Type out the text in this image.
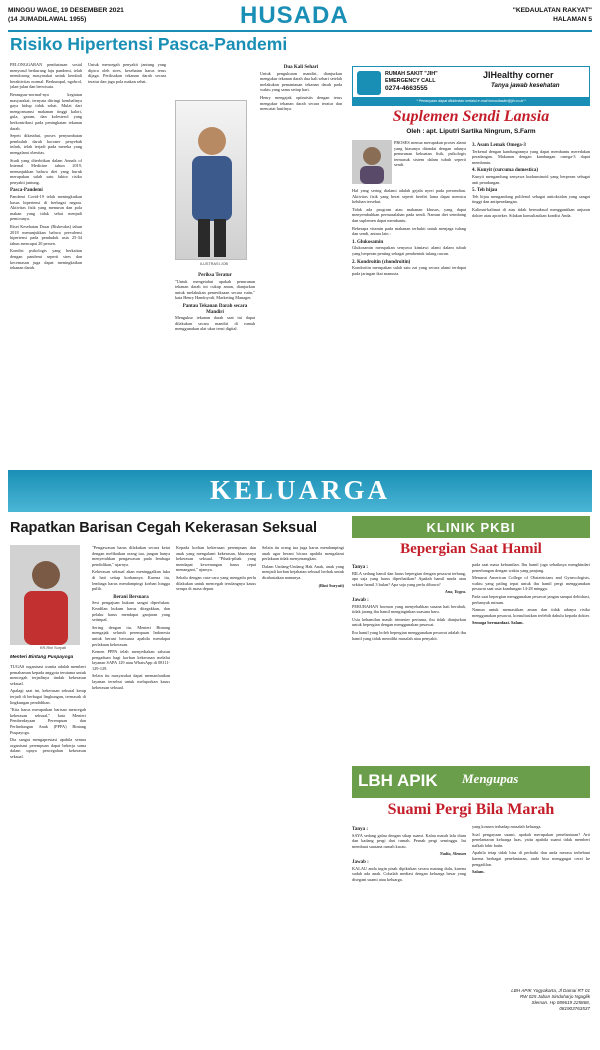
MINGGU WAGE, 19 DESEMBER 2021
(14 JUMADILAWAL 1955)	HUSADA	"KEDAULATAN RAKYAT"
HALAMAN 5
Risiko Hipertensi Pasca-Pandemi

PELONGGARAN pembatasan sosial menyusul berkurang laju pandemi, telah mendorong masyarakat untuk kembali beraktivitas normal. Berkumpul, ngobrol, jalan-jalan dan berwisata.

Berangsur-normal-nya kegiatan masyarakat, ternyata diiringi kembalinya gaya hidup tidak sehat. Mulai dari mengonsumsi makanan tinggi kalori, gula, garam, dan kolesterol yang berkontribusi pada peningkatan tekanan darah.

Sepeti diketahui, proses penyumbatan pembuluh darah koroner penyebab infark, telah terjadi pada mereka yang mengalami obesitas.

Studi yang diterbitkan dalam Annals of Internal Medicine tahun 2019, menunjukkan bahwa diet yang buruk merupakan salah satu faktor risiko penyakit jantung.

Pasca-Pandemi

Pandemi Covid-19 telah meningkatkan kasus hipertensi di berbagai negara. Aktivitas fisik yang menurun dan pola makan yang tidak sehat menjadi pemicunya.

Riset Kesehatan Dasar (Riskesdas) tahun 2018 menunjukkan bahwa prevalensi hipertensi pada penduduk usia 25-34 tahun mencapai 20 persen.

Kondisi psikologis yang berkaitan dengan pandemi seperti stres dan kecemasan juga dapat meningkatkan tekanan darah.

Untuk mencegah penyakit jantung yang dipicu oleh stres, kesehatan harus terus dijaga. Periksakan tekanan darah secara teratur dan jaga pola makan sehat.

ILUSTRASI JOB

Periksa Teratur

"Untuk mengetahui apakah penurunan tekanan darah ini cukup aman, dianjurkan untuk melakukan pemeriksaan secara rutin," kata Henry Handoyodi, Marketing Manager.

Pantau Tekanan Darah secara Mandiri

Mengukur tekanan darah saat ini dapat dilakukan secara mandiri di rumah menggunakan alat ukur tensi digital.

Dua Kali Sehari

Untuk pengukuran mandiri, dianjurkan mengukur tekanan darah dua kali sehari setelah melakukan pemantauan tekanan darah pada waktu yang sama setiap hari.

Henry mengajak optimistis dengan terus mengukur tekanan darah secara teratur dan mencatat hasilnya.

RUMAH SAKIT "JIH"
EMERGENCY CALL
0274-4663555
JIHealthy corner
Tanya jawab kesehatan
* Pertanyaan dapat dikirimkan melalui e-mail konsultasikr@jih.co.id *
Suplemen Sendi Lansia
Oleh : apt. Liputri Sartika Ningrum, S.Farm

PROSES menua merupakan proses alami yang biasanya ditandai dengan adanya penurunan kekuatan fisik, psikologis termasuk sistem dalam tubuh seperti sendi.

Hal yang sering dialami adalah gejala nyeri pada persendian. Aktivitas fisik yang berat seperti berdiri lama dapat memicu keluhan tersebut.

Tidak ada program atau makanan khusus, yang dapat menyembuhkan permasalahan pada sendi. Namun diet seimbang dan suplemen dapat membantu.

Beberapa vitamin pada makanan terbukti untuk menjaga tulang dan sendi, antara lain :

1. Glukosamin

Glukosamin merupakan senyawa kimiawi alami dalam tubuh yang berperan penting sebagai pembentuk tulang rawan.

2. Kondroitin (chondroitin)

Kondroitin merupakan salah satu zat yang secara alami terdapat pada jaringan ikat manusia.

3. Asam Lemak Omega-3

Terkenal dengan kandungannya yang dapat membantu meredakan peradangan. Makanan dengan kandungan omega-3 dapat membantu.

4. Kunyit (curcuma domestica)

Kunyit mengandung senyawa kurkuminoid yang berperan sebagai anti peradangan.

5. Teh hijau

Teh hijau mengandung polifenol sebagai antioksidan yang sangat tinggi dan antiperadangan.

Kalimat-kalimat di atas tidak bermaksud menggantikan anjuran dokter atau apoteker. Silakan konsultasikan kondisi Anda.

KELUARGA
Rapatkan Barisan Cegah Kekerasan Seksual
KR-Rini Suryati
Menteri Bintang Puspayoga

TUGAS organisasi wanita adalah memberi pemahaman kepada anggota terutama untuk mencegah terjadinya tindak kekerasan seksual.

Apalagi saat ini, kekerasan seksual kerap terjadi di berbagai lingkungan, termasuk di lingkungan pendidikan.

"Kita harus merapatkan barisan mencegah kekerasan seksual," kata Menteri Pemberdayaan Perempuan dan Perlindungan Anak (PPPA) Bintang Puspayoga.

Dia sangat mengapresiasi apabila semua organisasi perempuan dapat bekerja sama dalam upaya pencegahan kekerasan seksual.

"Pengawasan harus dilakukan secara ketat dengan melibatkan orang tua, jangan hanya menyerahkan pengawasan pada lembaga pendidikan," ujarnya.

Kekerasan seksual akan meninggalkan luka di hati setiap korbannya. Karena itu, lembaga harus mendampingi korban hingga pulih.

Berani Bersuara

Sesi pengajuan hukum sangat diperlukan. Keadilan hukum harus ditegakkan, dan pelaku harus mendapat ganjaran yang setimpal.

Sering dengan itu, Menteri Bintang mengajak seluruh perempuan Indonesia untuk berani bersuara apabila mendapat perlakuan kekerasan.

Kemen PPPA telah menyediakan saluran pengaduan bagi korban kekerasan melalui layanan SAPA 129 atau WhatsApp di 08111-129-129.

Selain itu masyarakat dapat memanfaatkan layanan tersebut untuk melaporkan kasus kekerasan seksual.

Kepada korban kekerasan perempuan dan anak yang mengalami kekerasan, khususnya kekerasan seksual. "Pihak-pihak yang mendapat kewenangan harus cepat menangani," ujarnya.

Sekalu dengan cara-cara yang mengadu perlu dilakukan untuk mencegah terulangnya kasus serupa di masa depan.

Selain itu orang tua juga harus mendampingi anak agar berani bicara apabila mengalami perlakuan tidak menyenangkan.

Dalam Undang-Undang Hak Anak, anak yang menjadi korban kejahatan seksual berhak untuk dirahasiakan namanya.

(Rini Suryati)

KLINIK PKBI
Bepergian Saat Hamil

Tanya :

BILA sedang hamil dan harus bepergian dengan pesawat terbang, apa saja yang harus diperhatikan? Apakah hamil muda atau sekitar hamil 3 bulan? Apa saja yang perlu dibawa?

Ana, Yogya.

Jawab :

PERUBAHAN hormon yang menyebabkan susana hati berubah, tidak jarang ibu hamil menginginkan suasana baru.

Usia kehamilan masih trimester pertama, ibu tidak dianjurkan untuk bepergian dengan menggunakan pesawat.

Ibu hamil yang boleh bepergian menggunakan pesawat adalah ibu hamil yang tidak memiliki masalah atau penyakit.

pada saat masa kehamilan. Ibu hamil juga sebaiknya menghindari penerbangan dengan waktu yang panjang.

Menurut American College of Obstetricians and Gynecologists, waktu yang paling tepat untuk ibu hamil pergi menggunakan pesawat saat usia kandungan 14-28 minggu.

Pada saat bepergian menggunakan pesawat jangan sampai dehidrasi, perbanyak minum.

Namun untuk memastikan aman dan tidak adanya risiko menggunakan pesawat, konsultasikan terlebih dahulu kepada dokter.

Semoga bermanfaat. Salam.

LBH APIK Mengupas
Suami Pergi Bila Marah

Tanya :

SAYA sedang galau dengan sikap suami. Kalau marah lalu diam dan kadang pergi dari rumah. Pernah pergi seminggu. Ini membuat suasana rumah kacau.

Nadia, Sleman

Jawab :

KALAU anda ingin pisah dipikirkan secara matang dulu, karena sudah ada anak. Cobalah mediasi dengan keluarga besar yang disegani suami atau keluarga.

yang konsen terhadap masalah keluarga.

Soal pengayaan suami, apakah merupakan penelantaran? Arti penelantaran keluarga luas, yaitu apabila suami tidak memberi nafkah lahir batin.

Apabila tetap tidak bisa di perbaiki dan anda merasa terbebani karena berbagai penelantaran, anda bisa menggugat cerai ke pengadilan.

Salam.

LBH APIK Yogyakarta, Jl Damai RT 01
RW 025 Jaban Sinduharjo Ngaglik
Sleman. Hp 089619 225868,
081903763537
